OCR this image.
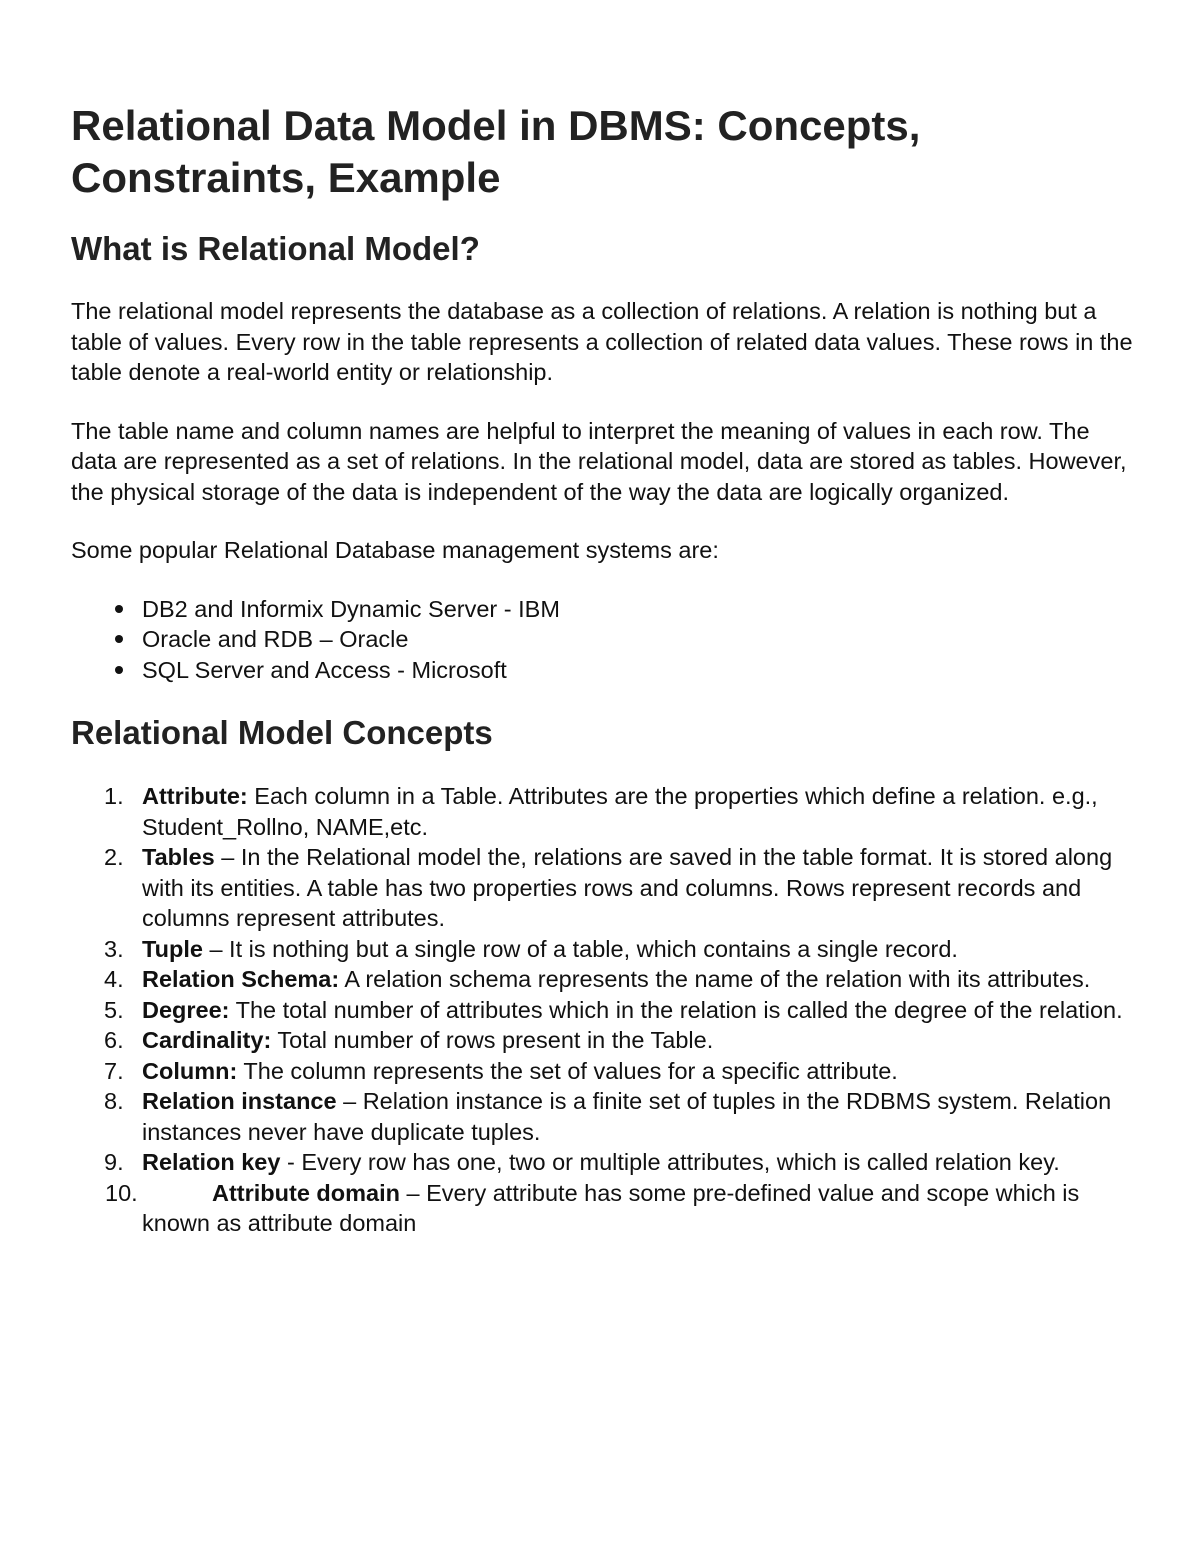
Relational Data Model in DBMS: Concepts, Constraints, Example
What is Relational Model?

The relational model represents the database as a collection of relations. A relation is nothing but a table of values. Every row in the table represents a collection of related data values. These rows in the table denote a real-world entity or relationship.

The table name and column names are helpful to interpret the meaning of values in each row. The data are represented as a set of relations. In the relational model, data are stored as tables. However, the physical storage of the data is independent of the way the data are logically organized.

Some popular Relational Database management systems are:

DB2 and Informix Dynamic Server - IBM
Oracle and RDB – Oracle
SQL Server and Access - Microsoft
Relational Model Concepts
1. Attribute: Each column in a Table. Attributes are the properties which define a relation. e.g., Student_Rollno, NAME,etc.
2. Tables – In the Relational model the, relations are saved in the table format. It is stored along with its entities. A table has two properties rows and columns. Rows represent records and columns represent attributes.
3. Tuple – It is nothing but a single row of a table, which contains a single record.
4. Relation Schema: A relation schema represents the name of the relation with its attributes.
5. Degree: The total number of attributes which in the relation is called the degree of the relation.
6. Cardinality: Total number of rows present in the Table.
7. Column: The column represents the set of values for a specific attribute.
8. Relation instance – Relation instance is a finite set of tuples in the RDBMS system. Relation instances never have duplicate tuples.
9. Relation key - Every row has one, two or multiple attributes, which is called relation key.
10.	Attribute domain – Every attribute has some pre-defined value and scope which is known as attribute domain
